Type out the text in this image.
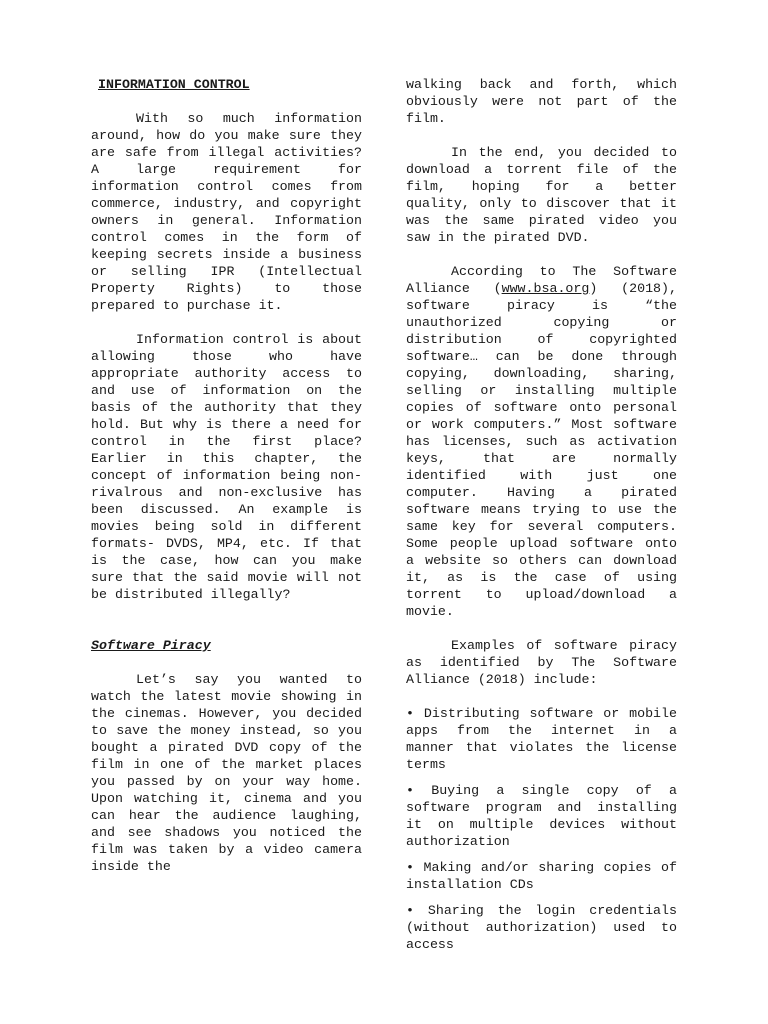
INFORMATION CONTROL

With so much information around, how do you make sure they are safe from illegal activities? A large requirement for information control comes from commerce, industry, and copyright owners in general. Information control comes in the form of keeping secrets inside a business or selling IPR (Intellectual Property Rights) to those prepared to purchase it.

Information control is about allowing those who have appropriate authority access to and use of information on the basis of the authority that they hold. But why is there a need for control in the first place? Earlier in this chapter, the concept of information being non-rivalrous and non-exclusive has been discussed. An example is movies being sold in different formats- DVDS, MP4, etc. If that is the case, how can you make sure that the said movie will not be distributed illegally?

Software Piracy

Let’s say you wanted to watch the latest movie showing in the cinemas. However, you decided to save the money instead, so you bought a pirated DVD copy of the film in one of the market places you passed by on your way home. Upon watching it, cinema and you can hear the audience laughing, and see shadows you noticed the film was taken by a video camera inside the

walking back and forth, which obviously were not part of the film.

In the end, you decided to download a torrent file of the film, hoping for a better quality, only to discover that it was the same pirated video you saw in the pirated DVD.

According to The Software Alliance (www.bsa.org) (2018), software piracy is “the unauthorized copying or distribution of copyrighted software… can be done through copying, downloading, sharing, selling or installing multiple copies of software onto personal or work computers.” Most software has licenses, such as activation keys, that are normally identified with just one computer. Having a pirated software means trying to use the same key for several computers. Some people upload software onto a website so others can download it, as is the case of using torrent to upload/download a movie.

Examples of software piracy as identified by The Software Alliance (2018) include:

• Distributing software or mobile apps from the internet in a manner that violates the license terms

• Buying a single copy of a software program and installing it on multiple devices without authorization

• Making and/or sharing copies of installation CDs

• Sharing the login credentials (without authorization) used to access
